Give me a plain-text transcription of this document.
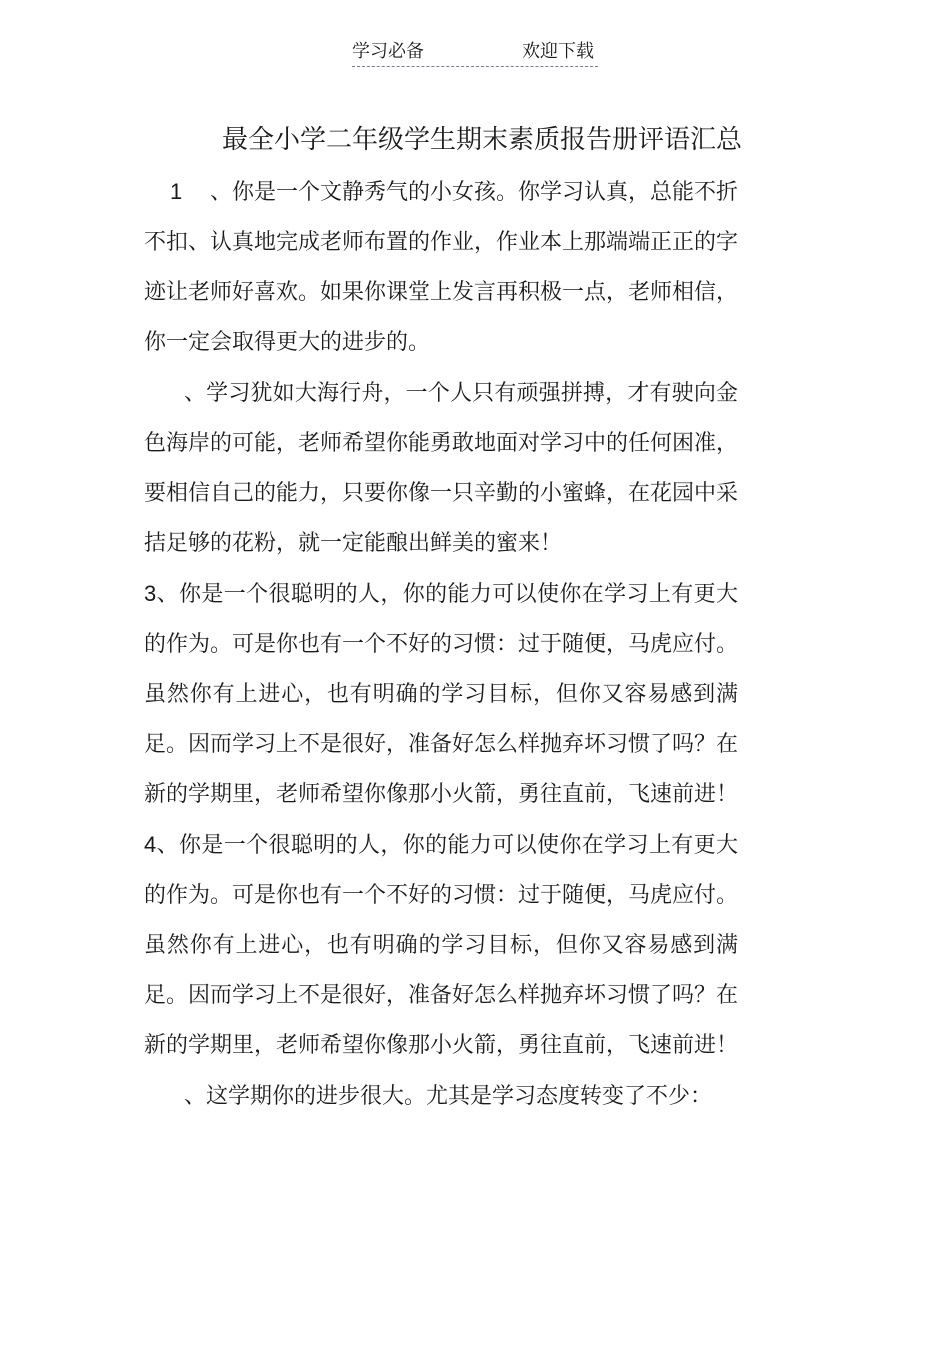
学习必备	欢迎下载
最全小学二年级学生期末素质报告册评语汇总

1 、你是一个文静秀气的小女孩。你学习认真，总能不折不扣、认真地完成老师布置的作业，作业本上那端端正正的字迹让老师好喜欢。如果你课堂上发言再积极一点，老师相信，你一定会取得更大的进步的。

、学习犹如大海行舟，一个人只有顽强拼搏，才有驶向金色海岸的可能，老师希望你能勇敢地面对学习中的任何困准，要相信自己的能力，只要你像一只辛勤的小蜜蜂，在花园中采拮足够的花粉，就一定能酿出鲜美的蜜来！

3、你是一个很聪明的人，你的能力可以使你在学习上有更大的作为。可是你也有一个不好的习惯：过于随便，马虎应付。虽然你有上进心，也有明确的学习目标，但你又容易感到满足。因而学习上不是很好，准备好怎么样抛弃坏习惯了吗？在新的学期里，老师希望你像那小火箭，勇往直前，飞速前进！

4、你是一个很聪明的人，你的能力可以使你在学习上有更大的作为。可是你也有一个不好的习惯：过于随便，马虎应付。虽然你有上进心，也有明确的学习目标，但你又容易感到满足。因而学习上不是很好，准备好怎么样抛弃坏习惯了吗？在新的学期里，老师希望你像那小火箭，勇往直前，飞速前进！

、这学期你的进步很大。尤其是学习态度转变了不少：
